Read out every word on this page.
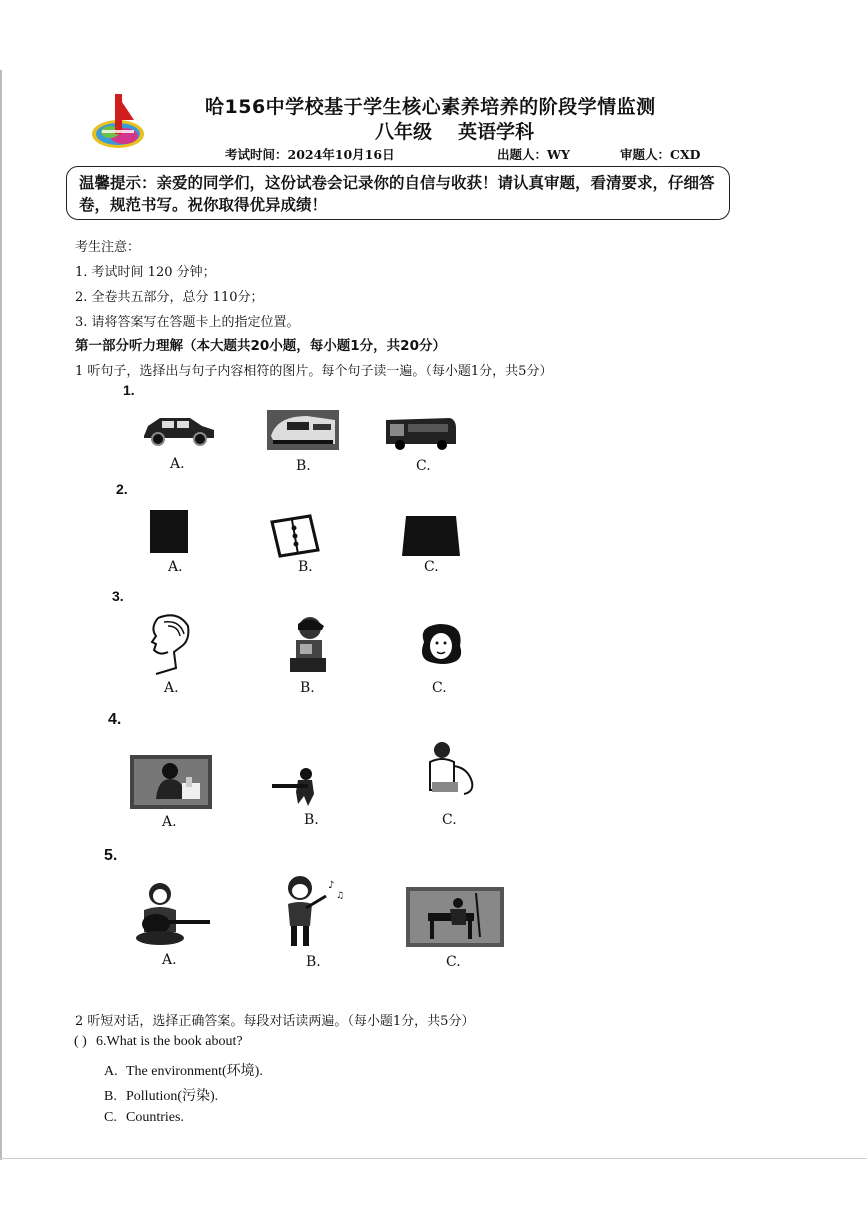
哈156中学校基于学生核心素养培养的阶段学情监测
八年级 英语学科
考试时间：2024年10月16日	出题人：WY	审题人：CXD
温馨提示：亲爱的同学们，这份试卷会记录你的自信与收获！请认真审题，看清要求，仔细答卷，规范书写。祝你取得优异成绩！
考生注意：
1. 考试时间 120 分钟；
2. 全卷共五部分，总分 110分；
3. 请将答案写在答题卡上的指定位置。
第一部分听力理解（本大题共20小题，每小题1分，共20分）
1 听句子，选择出与句子内容相符的图片。每个句子读一遍。（每小题1分，共5分）
1.
A.	B.	C.
2.
A.	B.	C.
3.
A.	B.	C.
4.
A.	B.	C.
5.
♪
♫
A.	B.	C.
2 听短对话，选择正确答案。每段对话读两遍。（每小题1分，共5分）
( ) 6.What is the book about?
A. The environment(环境).
B. Pollution(污染).
C. Countries.
